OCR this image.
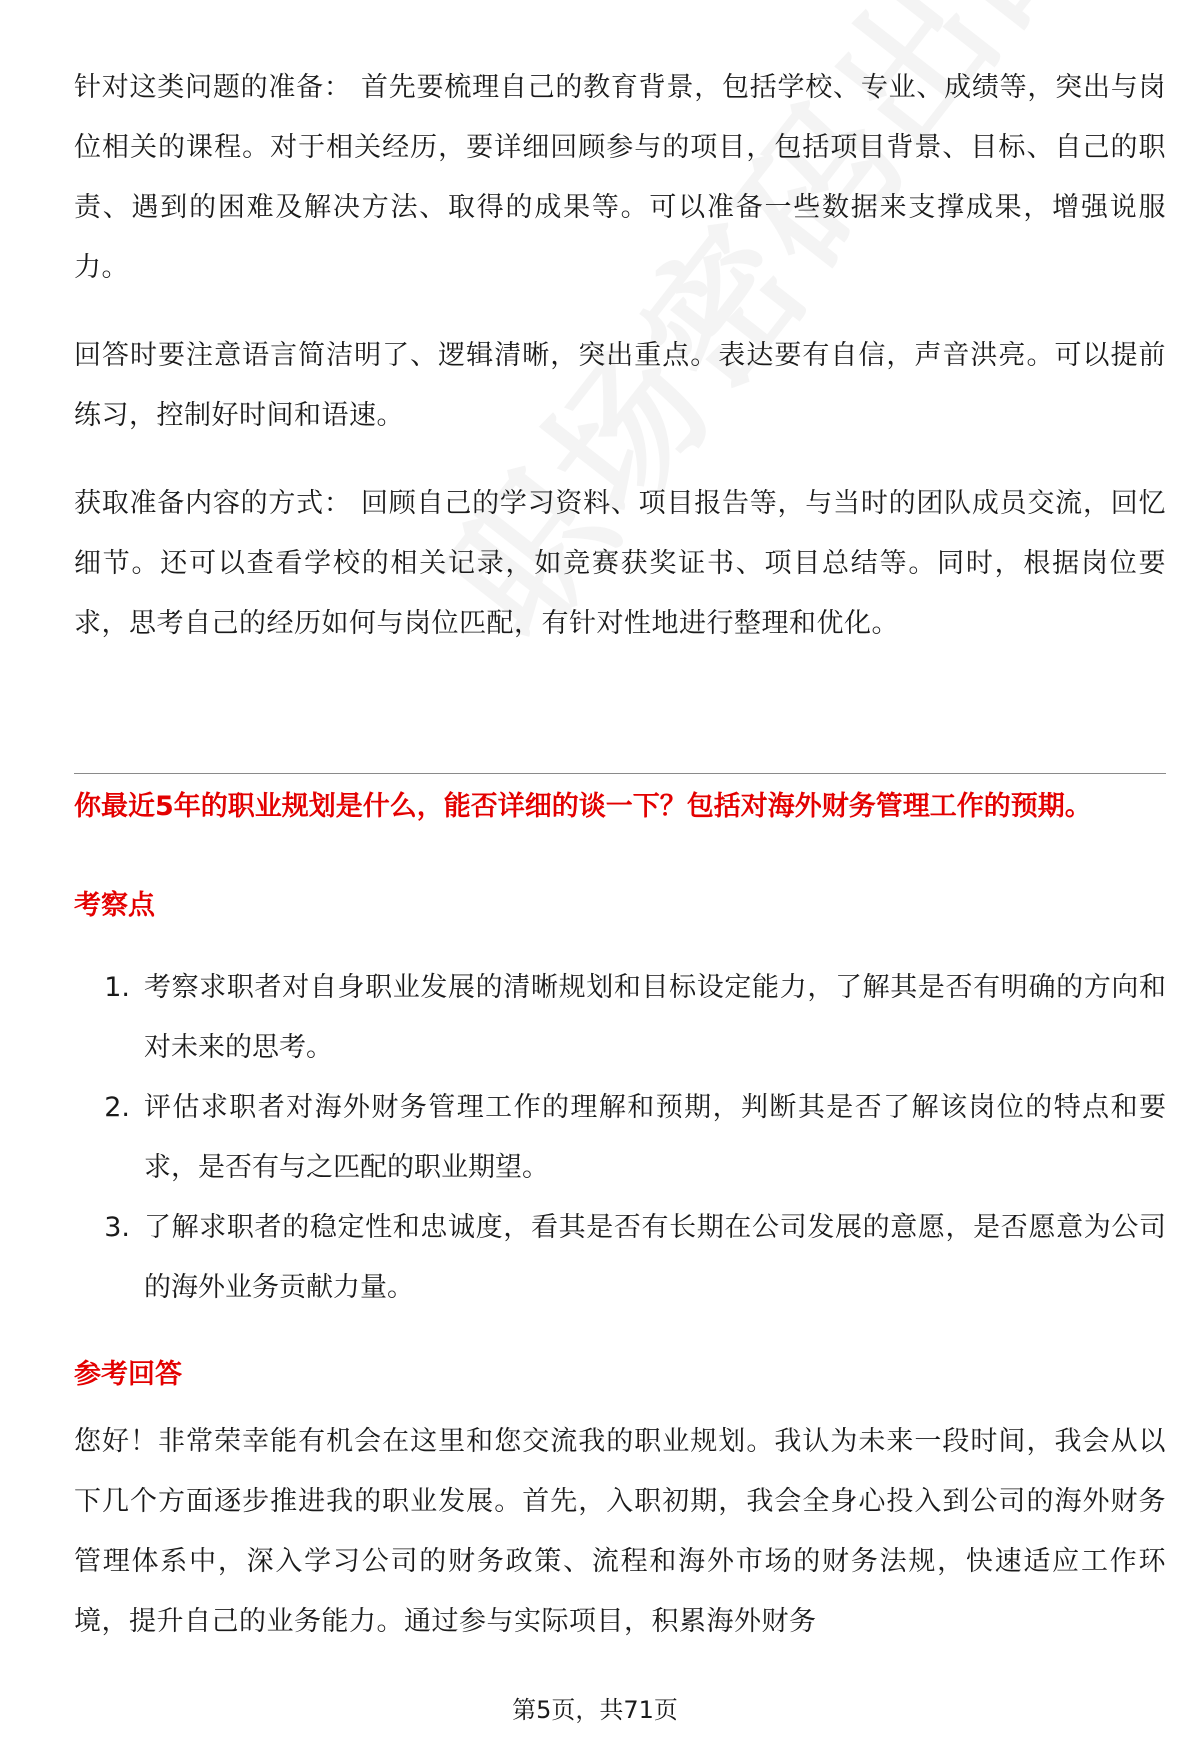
针对这类问题的准备： 首先要梳理自己的教育背景，包括学校、专业、成绩等，突出与岗位相关的课程。对于相关经历，要详细回顾参与的项目，包括项目背景、目标、自己的职责、遇到的困难及解决方法、取得的成果等。可以准备一些数据来支撑成果，增强说服力。

回答时要注意语言简洁明了、逻辑清晰，突出重点。表达要有自信，声音洪亮。可以提前练习，控制好时间和语速。

获取准备内容的方式： 回顾自己的学习资料、项目报告等，与当时的团队成员交流，回忆细节。还可以查看学校的相关记录，如竞赛获奖证书、项目总结等。同时，根据岗位要求，思考自己的经历如何与岗位匹配，有针对性地进行整理和优化。

你最近5年的职业规划是什么，能否详细的谈一下？包括对海外财务管理工作的预期。

考察点

1. 考察求职者对自身职业发展的清晰规划和目标设定能力，了解其是否有明确的方向和对未来的思考。
2. 评估求职者对海外财务管理工作的理解和预期，判断其是否了解该岗位的特点和要求，是否有与之匹配的职业期望。
3. 了解求职者的稳定性和忠诚度，看其是否有长期在公司发展的意愿，是否愿意为公司的海外业务贡献力量。

参考回答

您好！非常荣幸能有机会在这里和您交流我的职业规划。我认为未来一段时间，我会从以下几个方面逐步推进我的职业发展。首先，入职初期，我会全身心投入到公司的海外财务管理体系中，深入学习公司的财务政策、流程和海外市场的财务法规，快速适应工作环境，提升自己的业务能力。通过参与实际项目，积累海外财务

第5页，共71页
